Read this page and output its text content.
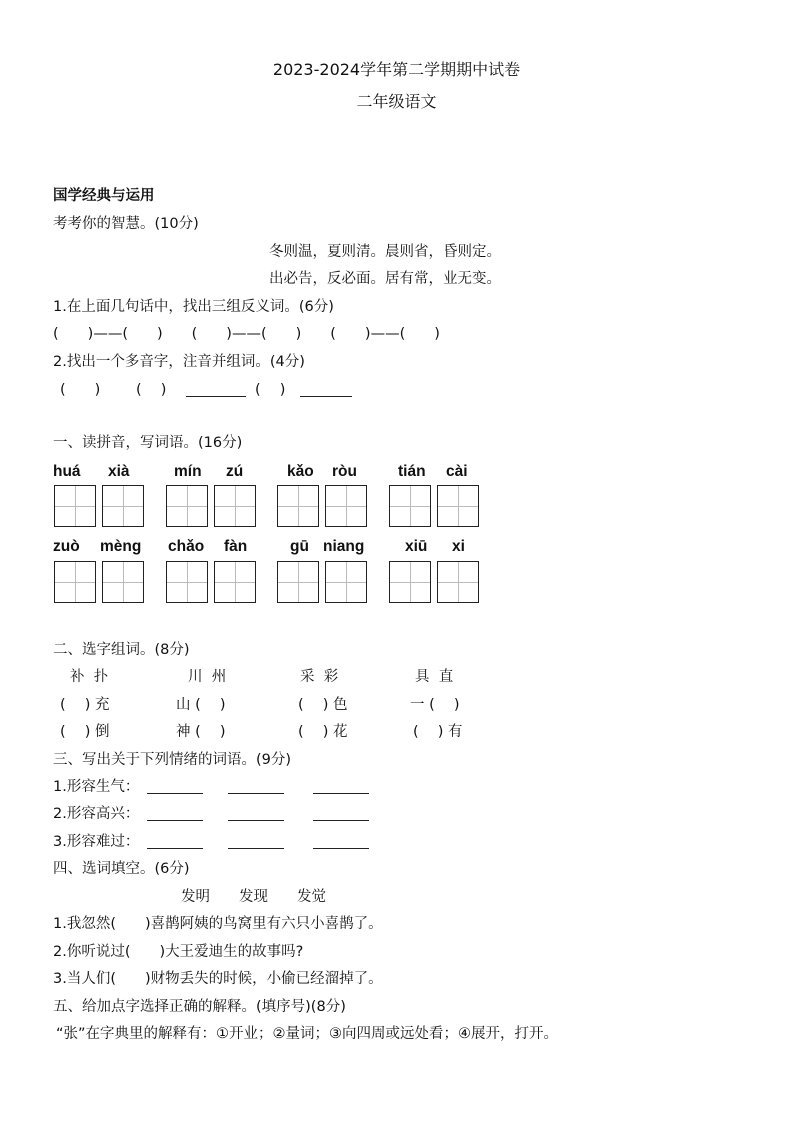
2023-2024学年第二学期期中试卷
二年级语文
国学经典与运用
考考你的智慧。(10分)
冬则温，夏则清。晨则省，昏则定。
出必告，反必面。居有常，业无变。
1.在上面几句话中，找出三组反义词。(6分)
(　　)——(　　)　　(　　)——(　　)　　(　　)——(　　)
2.找出一个多音字，注音并组词。(4分)
(　　) (　 )	(　 )
一、读拼音，写词语。(16分)
huá xià	mín zú	kǎo ròu	tián cài
zuò mèng chǎo fàn	gū niang	xiū xi
二、选字组词。(8分)
补  扑	川  州	采  彩	具  直
(　 ) 充	山 (　 )	(　 ) 色	一 (　 )
(　 ) 倒	神 (　 )	(　 ) 花	(　 ) 有
三、写出关于下列情绪的词语。(9分)
1.形容生气：
2.形容高兴：
3.形容难过：
四、选词填空。(6分)
发明　　发现　　发觉
1.我忽然(　　)喜鹊阿姨的鸟窝里有六只小喜鹊了。
2.你听说过(　　)大王爱迪生的故事吗?
3.当人们(　　)财物丢失的时候，小偷已经溜掉了。
五、给加点字选择正确的解释。(填序号)(8分)
“张”在字典里的解释有：①开业；②量词；③向四周或远处看；④展开，打开。
